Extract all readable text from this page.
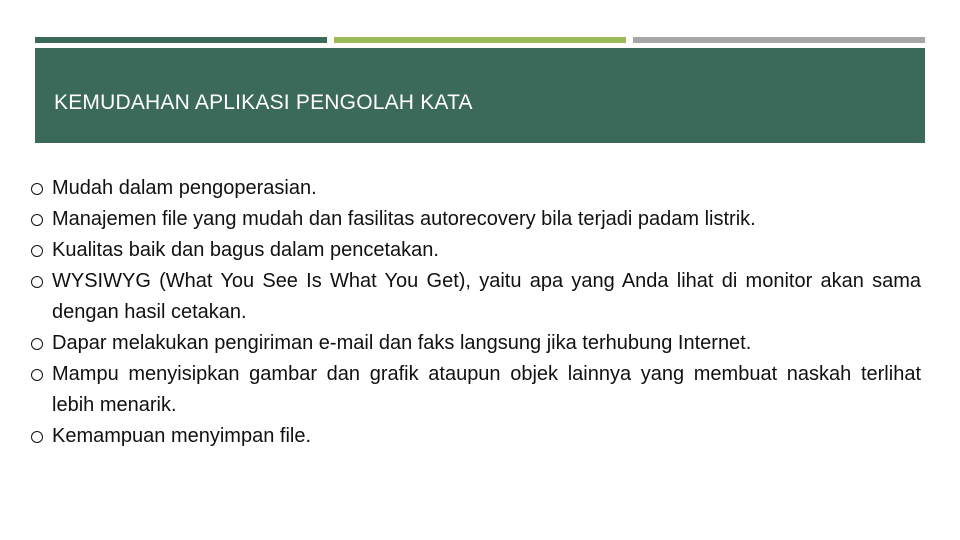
KEMUDAHAN APLIKASI PENGOLAH KATA
Mudah dalam pengoperasian.
Manajemen file yang mudah dan fasilitas autorecovery bila terjadi padam listrik.
Kualitas baik dan bagus dalam pencetakan.
WYSIWYG (What You See Is What You Get), yaitu apa yang Anda lihat di monitor akan sama dengan hasil cetakan.
Dapar melakukan pengiriman e-mail dan faks langsung jika terhubung Internet.
Mampu menyisipkan gambar dan grafik ataupun objek lainnya yang membuat naskah terlihat lebih menarik.
Kemampuan menyimpan file.
